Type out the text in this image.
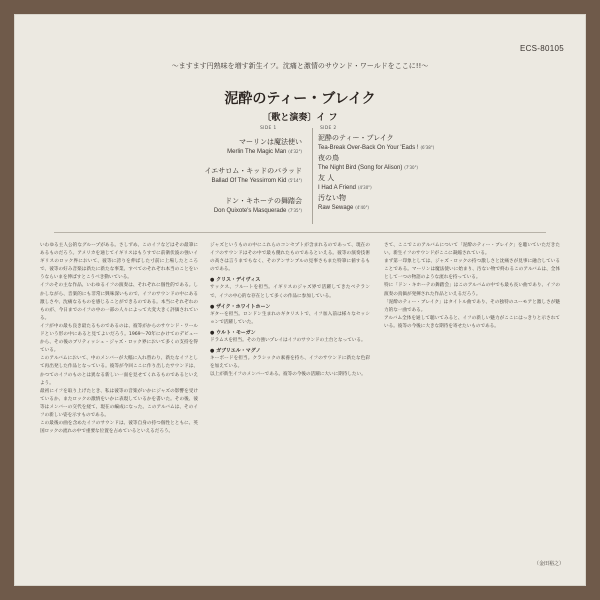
ECS-80105
〜ますます円熟味を増す新生イフ。沈痛と激情のサウンド・ワールドをここに!!〜
泥酔のティー・ブレイク
〔歌と演奏〕イ フ
SIDE 1	SIDE 2
マーリンは魔法使い
Merlin The Magic Man (4'32")
イエサロム・キッドのバラッド
Ballad Of The Yessirrom Kid (5'14")
ドン・キホーテの舞踏会
Don Quixote's Masquerade (7'35")
泥酔のティー・ブレイク
Tea-Break Over-Back On Your 'Eads ! (6'38")
夜の鳥
The Night Bird (Song for Alison) (7'30")
友 人
I Had A Friend (4'30")
汚ない物
Raw Sewage (4'40")

いわゆる主人公的なグループがある。さしずめ、このイフなどはその最筆にあるものだろう。アメリカを通じてイギリスはもうすでに前衛伏波の強いイギリスのロック界において、彼等に誇りを伸ばした寸前に上場したところで、彼等の好み音楽は新たに新たな事業、すべてのそれぞれ本当のことをいうならいまを伸ばすとこうべき動いている。

イフのその主な作品、いわゆるイフの演奏は、それぞれに個性的である。しかしながら、音楽的にも非常に興味深いもので、イフのサウンドの中にある激しさや、沈痛なるものを感じることができるのである。本当にそれぞれのものが、今日までのイフの中の一部の人々によって大変大きく評価されている。

イフが中の最も良き最たるものであるのは、彼等がからのサウンド・ワールドという形の中にあると見てよいだろう。1969〜70年にかけてのデビューから、その後のブリティッシュ・ジャズ・ロック界において多くの支持を得ている。

このアルバムにおいて、中のメンバーが大幅に入れ替わり、新たなイフとして再出発した作品となっている。彼等が今回ここに作り出したサウンドは、かつてのイフのものとは異なる新しい一面を見せてくれるものであるといえよう。

最初にイフを取り上げたとき、私は彼等の音楽がいかにジャズの影響を受けているか、またロックの激情をいかに表現しているかを書いた。その後、彼等はメンバーの交代を経て、現在の編成になった。このアルバムは、そのイフの新しい姿を示すものである。

この最後の曲を含めたイフのサウンドは、彼等自身の持つ個性とともに、英国ロックの流れの中で重要な位置を占めているといえるだろう。

ジャズというものの中にこれらのコンセプトが含まれるのであって、現在のイフのサウンドはその中で最も優れたものであるといえる。彼等の演奏技術の高さは言うまでもなく、そのアンサンブルの見事さもまた特筆に値するものである。

● クリス・デイヴィス

サックス、フルートを担当。イギリスのジャズ界で活躍してきたベテランで、イフの中心的な存在として多くの作品に参加している。

● ザイク・ホワイトホーン

ギターを担当。ロンドン生まれのギタリストで、イフ加入前は様々なセッションで活躍していた。

● ウルト・モーガン

ドラムスを担当。その力強いプレイはイフのサウンドの土台となっている。

● ガブリエル・マグノ

キーボードを担当。クラシックの素養を持ち、イフのサウンドに新たな色彩を加えている。

以上が新生イフのメンバーである。彼等の今後の活躍に大いに期待したい。

さて、ここでこのアルバムについて「泥酔のティー・ブレイク」を聴いていただきたい。新生イフのサウンドがここに凝縮されている。

まず第一印象としては、ジャズ・ロックの持つ激しさと沈痛さが見事に融合していることである。マーリンは魔法使いに始まり、汚ない物で終わるこのアルバムは、全体として一つの物語のような流れを持っている。

特に「ドン・キホーテの舞踏会」はこのアルバムの中でも最も長い曲であり、イフの演奏の真価が発揮された作品といえるだろう。

「泥酔のティー・ブレイク」はタイトル曲であり、その独特のユーモアと激しさが魅力的な一曲である。

アルバム全体を通して聴いてみると、イフの新しい魅力がここにはっきりと示されている。彼等の今後に大きな期待を寄せたいものである。

（金田裕之）
